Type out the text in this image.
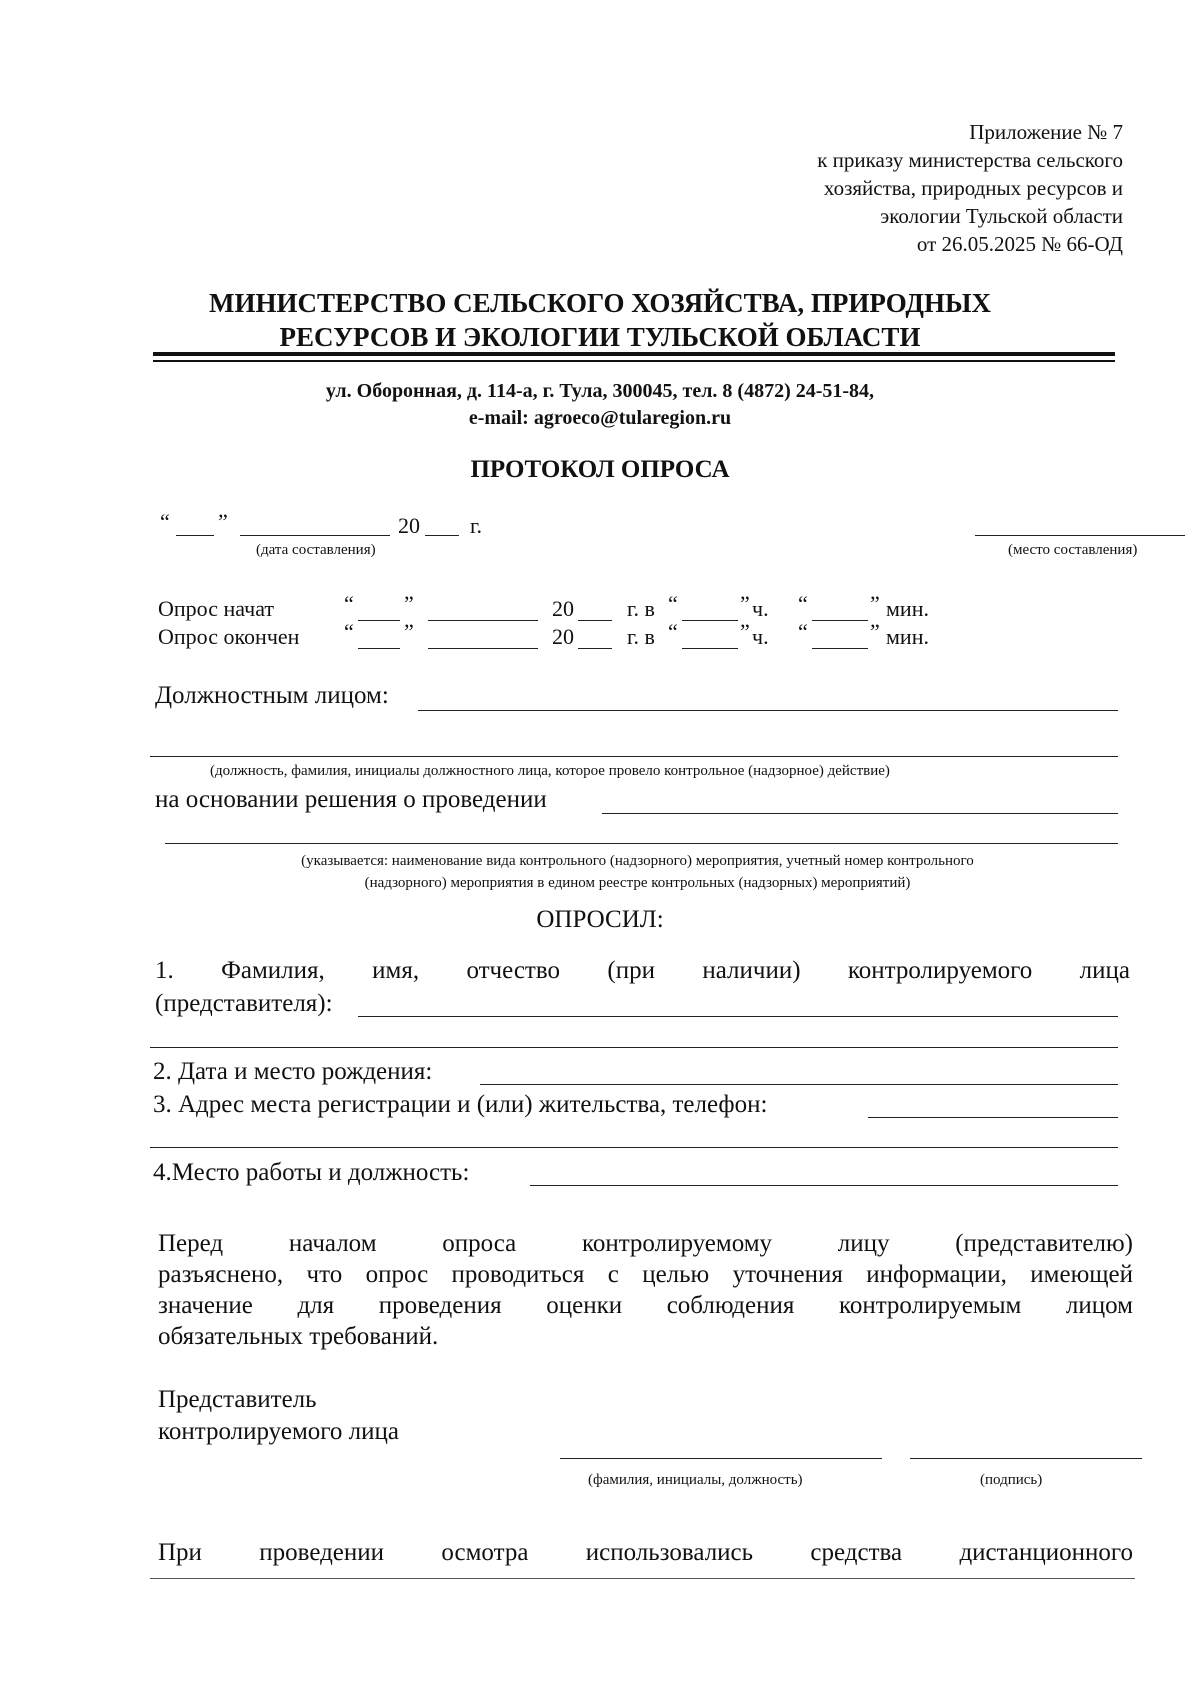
Приложение № 7
к приказу министерства сельского
хозяйства, природных ресурсов и
экологии Тульской области
от 26.05.2025 № 66-ОД
МИНИСТЕРСТВО СЕЛЬСКОГО ХОЗЯЙСТВА, ПРИРОДНЫХ
РЕСУРСОВ И ЭКОЛОГИИ ТУЛЬСКОЙ ОБЛАСТИ
ул. Оборонная, д. 114-а, г. Тула, 300045, тел. 8 (4872) 24-51-84,
e-mail: agroeco@tularegion.ru
ПРОТОКОЛ ОПРОСА
“ ”	20 г.
(дата составления)	(место составления)
Опрос начат	“ ”	20 г. в “	” ч. “	” мин.
Опрос окончен “ ”	20 г. в “	” ч. “	” мин.
Должностным лицом:
(должность, фамилия, инициалы должностного лица, которое провело контрольное (надзорное) действие)
на основании решения о проведении
(указывается: наименование вида контрольного (надзорного) мероприятия, учетный номер контрольного
(надзорного) мероприятия в едином реестре контрольных (надзорных) мероприятий)
ОПРОСИЛ:
1. Фамилия, имя, отчество (при наличии) контролируемого лица
(представителя):
2. Дата и место рождения:
3. Адрес места регистрации и (или) жительства, телефон:
4.Место работы и должность:
Перед началом опроса контролируемому лицу (представителю)
разъяснено, что опрос проводиться с целью уточнения информации, имеющей
значение для проведения оценки соблюдения контролируемым лицом
обязательных требований.
Представитель
контролируемого лица
(фамилия, инициалы, должность)	(подпись)
При проведении осмотра использовались средства дистанционного
